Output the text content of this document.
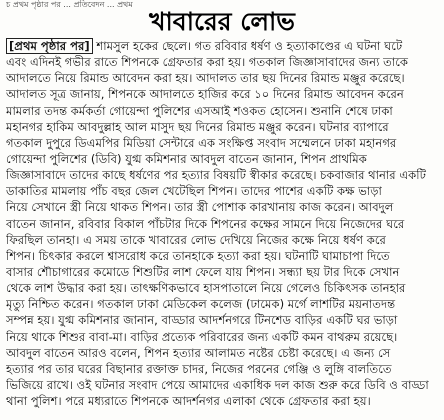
চ প্রথম পৃষ্ঠার পর ... প্রতিবেদন ... প্রথম
খাবারের লোভ
[প্রথম পৃষ্ঠার পর] শামসুল হকের ছেলে। গত রবিবার ধর্ষণ ও হত্যাকাণ্ডের এ ঘটনা ঘটে
এবং এদিনই গভীর রাতে শিপনকে গ্রেফতার করা হয়। গতকাল জিজ্ঞাসাবাদের জন্য তাকে
আদালতে নিয়ে রিমান্ড আবেদন করা হয়। আদালত তার ছয় দিনের রিমান্ড মঞ্জুর করেছে।
আদালত সূত্র জানায়, শিপনকে আদালতে হাজির করে ১০ দিনের রিমান্ড আবেদন করেন
মামলার তদন্ত কর্মকর্তা গোয়েন্দা পুলিশের এসআই শওকত হোসেন। শুনানি শেষে ঢাকা
মহানগর হাকিম আবদুল্লাহ আল মাসুদ ছয় দিনের রিমান্ড মঞ্জুর করেন। ঘটনার ব্যাপারে
গতকাল দুপুরে ডিএমপির মিডিয়া সেন্টারে এক সংক্ষিপ্ত সংবাদ সম্মেলনে ঢাকা মহানগর
গোয়েন্দা পুলিশের (ডিবি) যুগ্ম কমিশনার আবদুল বাতেন জানান, শিপন প্রাথমিক
জিজ্ঞাসাবাদে তাদের কাছে ধর্ষণের পর হত্যার বিষয়টি স্বীকার করেছে। চকবাজার থানার একটি
ডাকাতির মামলায় পাঁচ বছর জেল খেটেছিল শিপন। তাদের পাশের একটি কক্ষ ভাড়া
নিয়ে সেখানে স্ত্রী নিয়ে থাকত শিপন। তার স্ত্রী পোশাক কারখানায় কাজ করেন। আবদুল
বাতেন জানান, রবিবার বিকাল পাঁচটার দিকে শিপনের কক্ষের সামনে দিয়ে নিজেদের ঘরে
ফিরছিল তানহা। এ সময় তাকে খাবারের লোভ দেখিয়ে নিজের কক্ষে নিয়ে ধর্ষণ করে
শিপন। চিৎকার করলে শ্বাসরোধ করে তানহাকে হত্যা করা হয়। ঘটনাটি ঘামাচাপা দিতে
বাসার শৌচাগারের কমোডে শিশুটির লাশ ফেলে যায় শিপন। সন্ধ্যা ছয় টার দিকে সেখান
থেকে লাশ উদ্ধার করা হয়। তাৎক্ষণিকভাবে হাসপাতালে নিয়ে গেলেও চিকিৎসক তানহার
মৃত্যু নিশ্চিত করেন। গতকাল ঢাকা মেডিকেল কলেজ (ঢামেক) মর্গে লাশটির ময়নাতদন্ত
সম্পন্ন হয়। যুগ্ম কমিশনার জানান, বাড্ডার আদর্শনগরে টিনশেড বাড়ির একটি ঘর ভাড়া
নিয়ে থাকে শিশুর বাবা-মা। বাড়ির প্রত্যেক পরিবারের জন্য একটি কমন বাথরুম রয়েছে।
আবদুল বাতেন আরও বলেন, শিপন হত্যার আলামত নষ্টের চেষ্টা করেছে। এ জন্য সে
হত্যার পর তার ঘরের বিছানার রক্তাক্ত চাদর, নিজের পরনের গেঞ্জি ও লুঙ্গি বালতিতে
ভিজিয়ে রাখে। ওই ঘটনার সংবাদ পেয়ে আমাদের একাধিক দল কাজ শুরু করে ডিবি ও বাড্ডা
থানা পুলিশ। পরে মধ্যরাতে শিপনকে আদর্শনগর এলাকা থেকে গ্রেফতার করা হয়।
